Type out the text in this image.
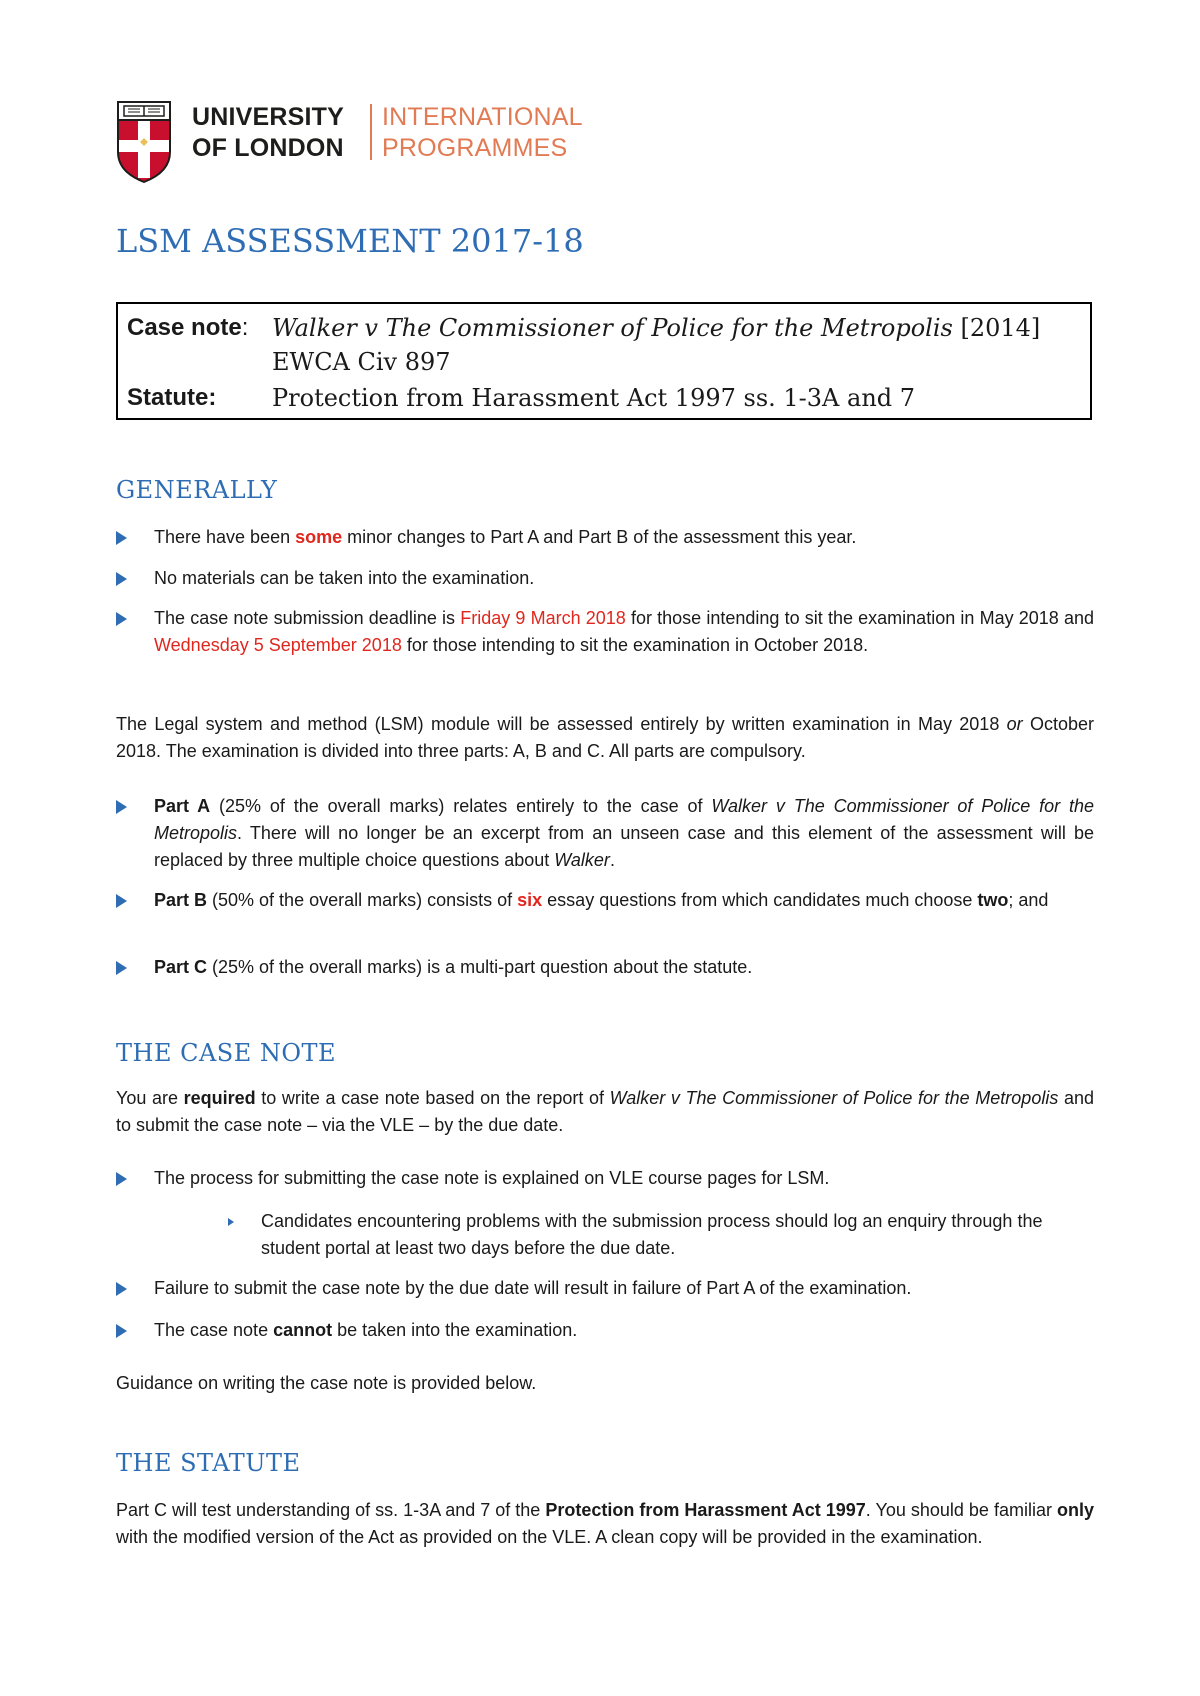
UNIVERSITY
OF LONDON
INTERNATIONAL
PROGRAMMES
LSM ASSESSMENT 2017-18
Case note: Walker v The Commissioner of Police for the Metropolis [2014]
EWCA Civ 897
Statute: Protection from Harassment Act 1997 ss. 1-3A and 7
GENERALLY

There have been some minor changes to Part A and Part B of the assessment this year.

No materials can be taken into the examination.

The case note submission deadline is Friday 9 March 2018 for those intending to sit the examination in May 2018 and Wednesday 5 September 2018 for those intending to sit the examination in October 2018.

The Legal system and method (LSM) module will be assessed entirely by written examination in May 2018 or October 2018. The examination is divided into three parts: A, B and C. All parts are compulsory.

Part A (25% of the overall marks) relates entirely to the case of Walker v The Commissioner of Police for the Metropolis. There will no longer be an excerpt from an unseen case and this element of the assessment will be replaced by three multiple choice questions about Walker.

Part B (50% of the overall marks) consists of six essay questions from which candidates much choose two; and

Part C (25% of the overall marks) is a multi-part question about the statute.

THE CASE NOTE

You are required to write a case note based on the report of Walker v The Commissioner of Police for the Metropolis and to submit the case note – via the VLE – by the due date.

The process for submitting the case note is explained on VLE course pages for LSM.

Candidates encountering problems with the submission process should log an enquiry through the student portal at least two days before the due date.

Failure to submit the case note by the due date will result in failure of Part A of the examination.

The case note cannot be taken into the examination.

Guidance on writing the case note is provided below.

THE STATUTE

Part C will test understanding of ss. 1-3A and 7 of the Protection from Harassment Act 1997. You should be familiar only with the modified version of the Act as provided on the VLE. A clean copy will be provided in the examination.
